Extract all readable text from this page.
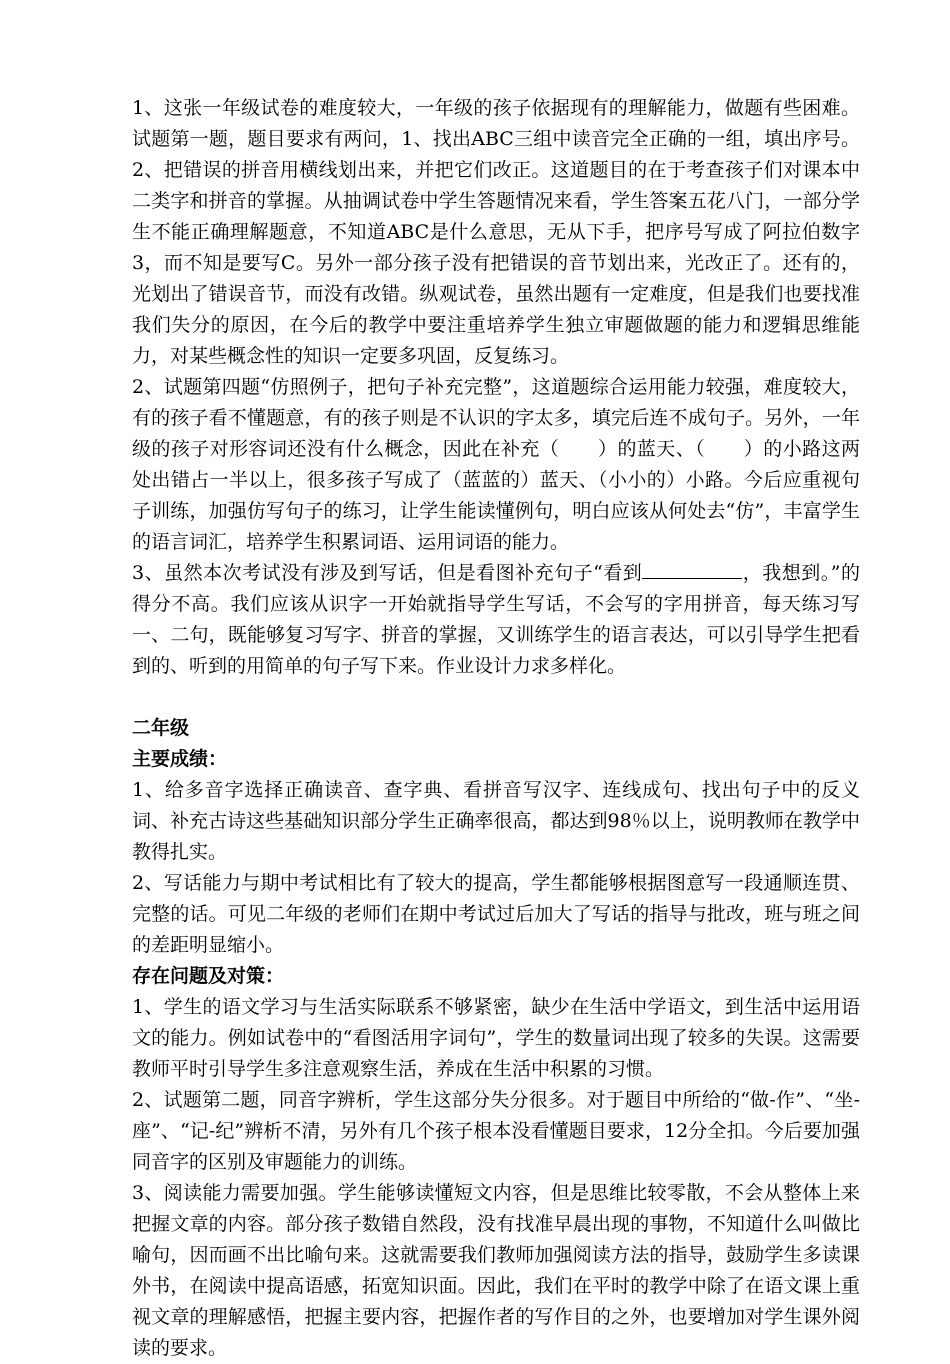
1、这张一年级试卷的难度较大，一年级的孩子依据现有的理解能力，做题有些困难。试题第一题，题目要求有两问，1、找出ABC三组中读音完全正确的一组，填出序号。2、把错误的拼音用横线划出来，并把它们改正。这道题目的在于考查孩子们对课本中二类字和拼音的掌握。从抽调试卷中学生答题情况来看，学生答案五花八门，一部分学生不能正确理解题意，不知道ABC是什么意思，无从下手，把序号写成了阿拉伯数字3，而不知是要写C。另外一部分孩子没有把错误的音节划出来，光改正了。还有的，光划出了错误音节，而没有改错。纵观试卷，虽然出题有一定难度，但是我们也要找准我们失分的原因，在今后的教学中要注重培养学生独立审题做题的能力和逻辑思维能力，对某些概念性的知识一定要多巩固，反复练习。

2、试题第四题“仿照例子，把句子补充完整”，这道题综合运用能力较强，难度较大，有的孩子看不懂题意，有的孩子则是不认识的字太多，填完后连不成句子。另外，一年级的孩子对形容词还没有什么概念，因此在补充（　　）的蓝天、（　　）的小路这两处出错占一半以上，很多孩子写成了（蓝蓝的）蓝天、（小小的）小路。今后应重视句子训练，加强仿写句子的练习，让学生能读懂例句，明白应该从何处去“仿”，丰富学生的语言词汇，培养学生积累词语、运用词语的能力。

3、虽然本次考试没有涉及到写话，但是看图补充句子“看到	，我想到。”的得分不高。我们应该从识字一开始就指导学生写话，不会写的字用拼音，每天练习写一、二句，既能够复习写字、拼音的掌握，又训练学生的语言表达，可以引导学生把看到的、听到的用简单的句子写下来。作业设计力求多样化。

二年级

主要成绩：

1、给多音字选择正确读音、查字典、看拼音写汉字、连线成句、找出句子中的反义词、补充古诗这些基础知识部分学生正确率很高，都达到98％以上，说明教师在教学中教得扎实。

2、写话能力与期中考试相比有了较大的提高，学生都能够根据图意写一段通顺连贯、完整的话。可见二年级的老师们在期中考试过后加大了写话的指导与批改，班与班之间的差距明显缩小。

存在问题及对策：

1、学生的语文学习与生活实际联系不够紧密，缺少在生活中学语文，到生活中运用语文的能力。例如试卷中的“看图活用字词句”，学生的数量词出现了较多的失误。这需要教师平时引导学生多注意观察生活，养成在生活中积累的习惯。

2、试题第二题，同音字辨析，学生这部分失分很多。对于题目中所给的“做-作”、“坐-座”、“记-纪”辨析不清，另外有几个孩子根本没看懂题目要求，12分全扣。今后要加强同音字的区别及审题能力的训练。

3、阅读能力需要加强。学生能够读懂短文内容，但是思维比较零散，不会从整体上来把握文章的内容。部分孩子数错自然段，没有找准早晨出现的事物，不知道什么叫做比喻句，因而画不出比喻句来。这就需要我们教师加强阅读方法的指导，鼓励学生多读课外书，在阅读中提高语感，拓宽知识面。因此，我们在平时的教学中除了在语文课上重视文章的理解感悟，把握主要内容，把握作者的写作目的之外，也要增加对学生课外阅读的要求。
